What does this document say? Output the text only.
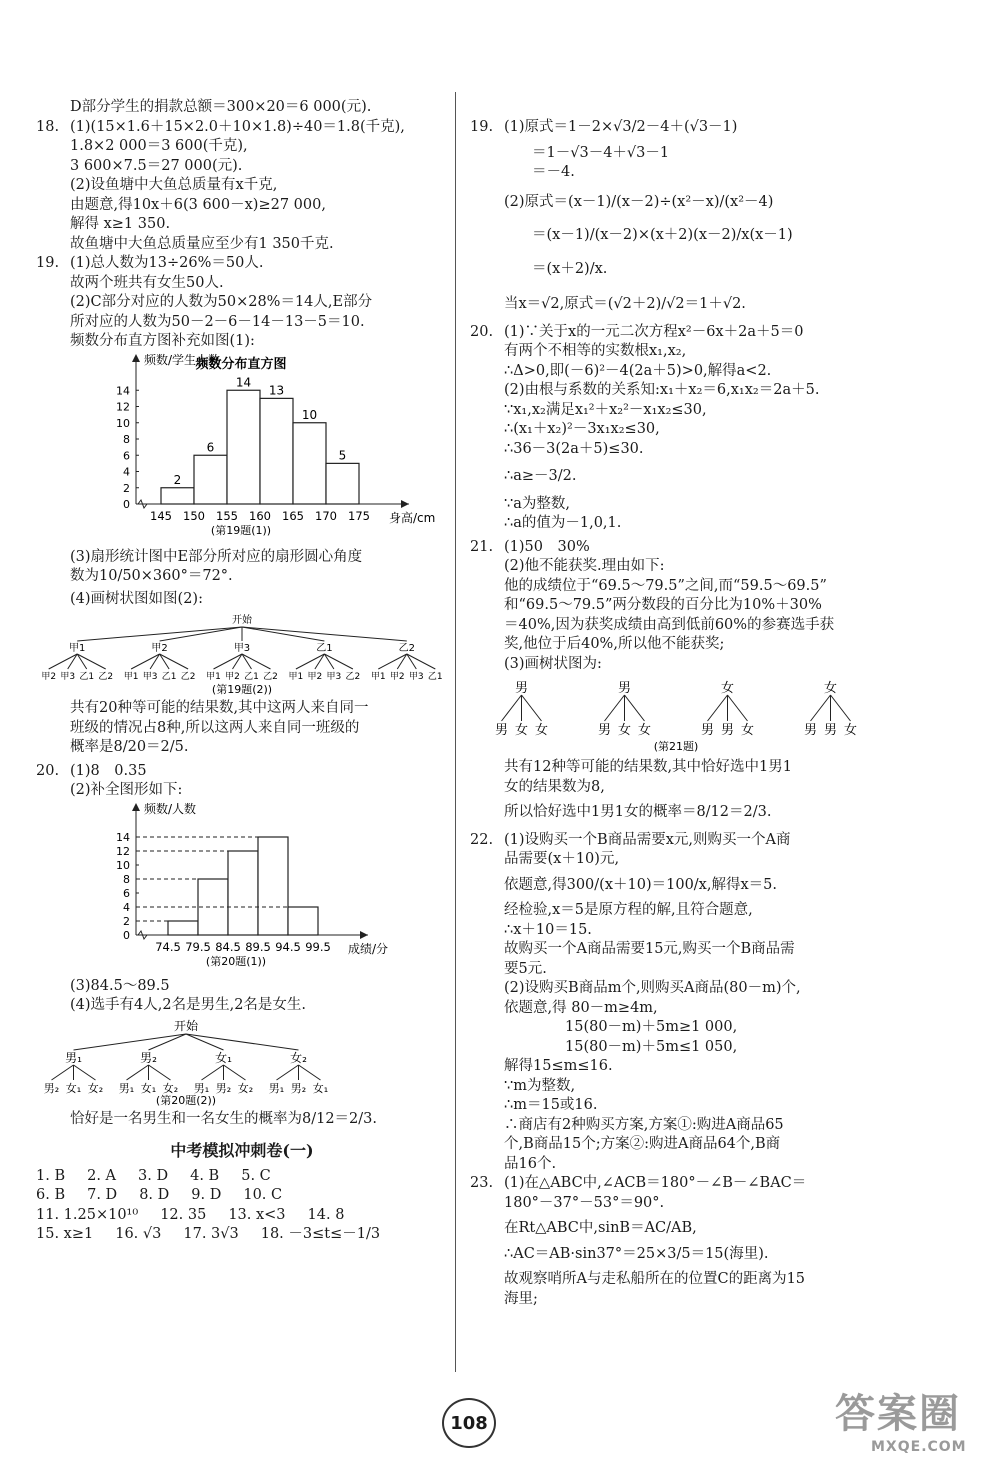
D部分学生的捐款总额＝300×20＝6 000(元).
18. (1)(15×1.6＋15×2.0＋10×1.8)÷40＝1.8(千克),
1.8×2 000＝3 600(千克),
3 600×7.5＝27 000(元).
(2)设鱼塘中大鱼总质量有x千克,
由题意,得10x＋6(3 600－x)≥27 000,
解得 x≥1 350.
故鱼塘中大鱼总质量应至少有1 350千克.
19. (1)总人数为13÷26%＝50人.
故两个班共有女生50人.
(2)C部分对应的人数为50×28%＝14人,E部分
所对应的人数为50－2－6－14－13－5＝10.
频数分布直方图补充如图(1):
频数分布直方图
频数/学生人数
身高/cm
0
2
4
6
8
10
12
14
2
6
14
13
10
5
145 150 155 160 165 170 175
(第19题(1))
(3)扇形统计图中E部分所对应的扇形圆心角度
数为10/50×360°＝72°.
(4)画树状图如图(2):
开始
甲1
甲2 甲3 乙1 乙2
甲2
甲1 甲3 乙1 乙2
甲3
甲1 甲2 乙1 乙2
乙1
甲1 甲2 甲3 乙2
乙2
甲1 甲2 甲3 乙1
(第19题(2))
共有20种等可能的结果数,其中这两人来自同一
班级的情况占8种,所以这两人来自同一班级的
概率是8/20＝2/5.
20. (1)8　0.35
(2)补全图形如下:
频数/人数
成绩/分
0
2
4
6
8
10
12
14
74.5 79.5 84.5 89.5 94.5 99.5
(第20题(1))
(3)84.5～89.5
(4)选手有4人,2名是男生,2名是女生.
开始
男₁
男₂ 女₁ 女₂
男₂
男₁ 女₁ 女₂
女₁
男₁ 男₂ 女₂
女₂
男₁ 男₂ 女₁
(第20题(2))
恰好是一名男生和一名女生的概率为8/12＝2/3.
中考模拟冲刺卷(一)
1. B 2. A 3. D 4. B 5. C
6. B 7. D 8. D 9. D 10. C
11. 1.25×10¹⁰ 12. 35 13. x<3 14. 8
15. x≥1 16. √3 17. 3√3 18. －3≤t≤－1/3
19. (1)原式＝1－2×√3/2－4＋(√3－1)
＝1－√3－4＋√3－1
＝－4.
(2)原式＝(x－1)/(x－2)÷(x²－x)/(x²－4)
＝(x－1)/(x－2)×(x＋2)(x－2)/x(x－1)
＝(x＋2)/x.
当x＝√2,原式＝(√2＋2)/√2＝1＋√2.
20. (1)∵关于x的一元二次方程x²－6x＋2a＋5＝0
有两个不相等的实数根x₁,x₂,
∴Δ>0,即(－6)²－4(2a＋5)>0,解得a<2.
(2)由根与系数的关系知:x₁＋x₂＝6,x₁x₂＝2a＋5.
∵x₁,x₂满足x₁²＋x₂²－x₁x₂≤30,
∴(x₁＋x₂)²－3x₁x₂≤30,
∴36－3(2a＋5)≤30.
∴a≥－3/2.
∵a为整数,
∴a的值为－1,0,1.
21. (1)50　30%
(2)他不能获奖.理由如下:
他的成绩位于“69.5～79.5”之间,而“59.5～69.5”
和“69.5～79.5”两分数段的百分比为10%＋30%
＝40%,因为获奖成绩由高到低前60%的参赛选手获
奖,他位于后40%,所以他不能获奖;
(3)画树状图为:
男
男 女 女
男
男 女 女
女
男 男 女
女
男 男 女
(第21题)
共有12种等可能的结果数,其中恰好选中1男1
女的结果数为8,
所以恰好选中1男1女的概率＝8/12＝2/3.
22. (1)设购买一个B商品需要x元,则购买一个A商
品需要(x＋10)元,
依题意,得300/(x＋10)＝100/x,解得x＝5.
经检验,x＝5是原方程的解,且符合题意,
∴x＋10＝15.
故购买一个A商品需要15元,购买一个B商品需
要5元.
(2)设购买B商品m个,则购买A商品(80－m)个,
依题意,得 80－m≥4m,
15(80－m)＋5m≥1 000,
15(80－m)＋5m≤1 050,
解得15≤m≤16.
∵m为整数,
∴m＝15或16.
∴商店有2种购买方案,方案①:购进A商品65
个,B商品15个;方案②:购进A商品64个,B商
品16个.
23. (1)在△ABC中,∠ACB＝180°－∠B－∠BAC＝
180°－37°－53°＝90°.
在Rt△ABC中,sinB＝AC/AB,
∴AC＝AB·sin37°＝25×3/5＝15(海里).
故观察哨所A与走私船所在的位置C的距离为15
海里;
108	答案圈
MXQE.COM
